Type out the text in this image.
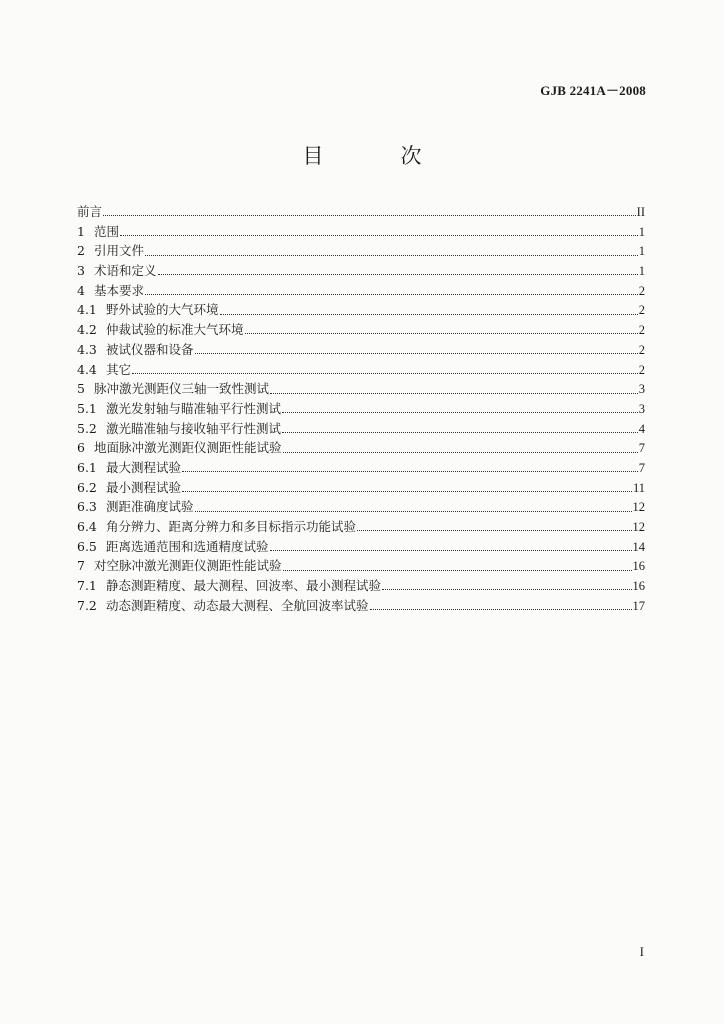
GJB 2241A－2008
目　次
前言	II
1 范围	1
2 引用文件	1
3 术语和定义	1
4 基本要求	2
4.1 野外试验的大气环境	2
4.2 仲裁试验的标准大气环境	2
4.3 被试仪器和设备	2
4.4 其它	2
5 脉冲激光测距仪三轴一致性测试	3
5.1 激光发射轴与瞄准轴平行性测试	3
5.2 激光瞄准轴与接收轴平行性测试	4
6 地面脉冲激光测距仪测距性能试验	7
6.1 最大测程试验	7
6.2 最小测程试验	11
6.3 测距准确度试验	12
6.4 角分辨力、距离分辨力和多目标指示功能试验	12
6.5 距离选通范围和选通精度试验	14
7 对空脉冲激光测距仪测距性能试验	16
7.1 静态测距精度、最大测程、回波率、最小测程试验	16
7.2 动态测距精度、动态最大测程、全航回波率试验	17
I
